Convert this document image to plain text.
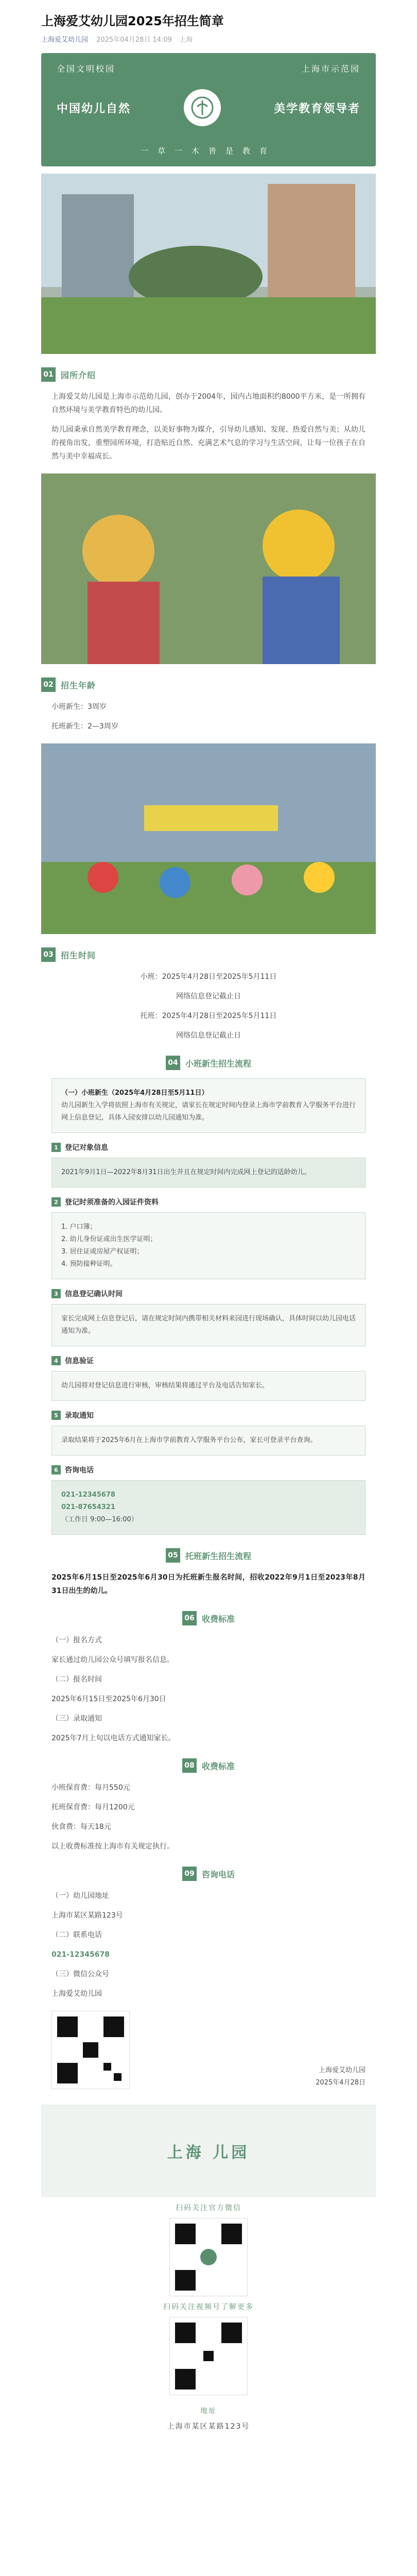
上海爱艾幼儿园2025年招生简章
上海爱艾幼儿园 2025年04月28日 14:09 上海
全国文明校园	上海市示范园
中国幼儿自然	美学教育领导者
一草一木皆是教育
01 园所介绍

上海爱艾幼儿园是上海市示范幼儿园，创办于2004年，园内占地面积约8000平方米，是一所拥有自然环境与美学教育特色的幼儿园。

幼儿园秉承自然美学教育理念，以美好事物为媒介，引导幼儿感知、发现、热爱自然与美；从幼儿的视角出发，重塑园所环境，打造贴近自然、充满艺术气息的学习与生活空间，让每一位孩子在自然与美中幸福成长。

02 招生年龄

小班新生：3周岁

托班新生：2—3周岁

03 招生时间

小班：2025年4月28日至2025年5月11日

网络信息登记截止日

托班：2025年4月28日至2025年5月11日

网络信息登记截止日

04 小班新生招生流程
（一）小班新生（2025年4月28日至5月11日）
幼儿园新生入学将依照上海市有关规定，请家长在规定时间内登录上海市学前教育入学服务平台进行网上信息登记，具体入园安排以幼儿园通知为准。
1 登记对象信息
2021年9月1日—2022年8月31日出生并且在规定时间内完成网上登记的适龄幼儿。
2 登记时须准备的入园证件资料
1. 户口簿；
2. 幼儿身份证或出生医学证明；
3. 居住证或房屋产权证明；
4. 预防接种证明。
3 信息登记确认时间
家长完成网上信息登记后，请在规定时间内携带相关材料来园进行现场确认，具体时间以幼儿园电话通知为准。
4 信息验证
幼儿园将对登记信息进行审核，审核结果将通过平台及电话告知家长。
5 录取通知
录取结果将于2025年6月在上海市学前教育入学服务平台公布，家长可登录平台查询。
6 咨询电话
021-12345678
021-87654321
（工作日 9:00—16:00）
05 托班新生招生流程

2025年6月15日至2025年6月30日为托班新生报名时间，招收2022年9月1日至2023年8月31日出生的幼儿。

06 收费标准

（一）报名方式

家长通过幼儿园公众号填写报名信息。

（二）报名时间

2025年6月15日至2025年6月30日

（三）录取通知

2025年7月上旬以电话方式通知家长。

08 收费标准

小班保育费：每月550元

托班保育费：每月1200元

伙食费：每天18元

以上收费标准按上海市有关规定执行。

09 咨询电话

（一）幼儿园地址

上海市某区某路123号

（二）联系电话

021-12345678

（三）微信公众号

上海爱艾幼儿园

上海爱艾幼儿园
2025年4月28日
上海 儿园
扫码关注官方微信
扫码关注视频号了解更多
地址
上海市某区某路123号
